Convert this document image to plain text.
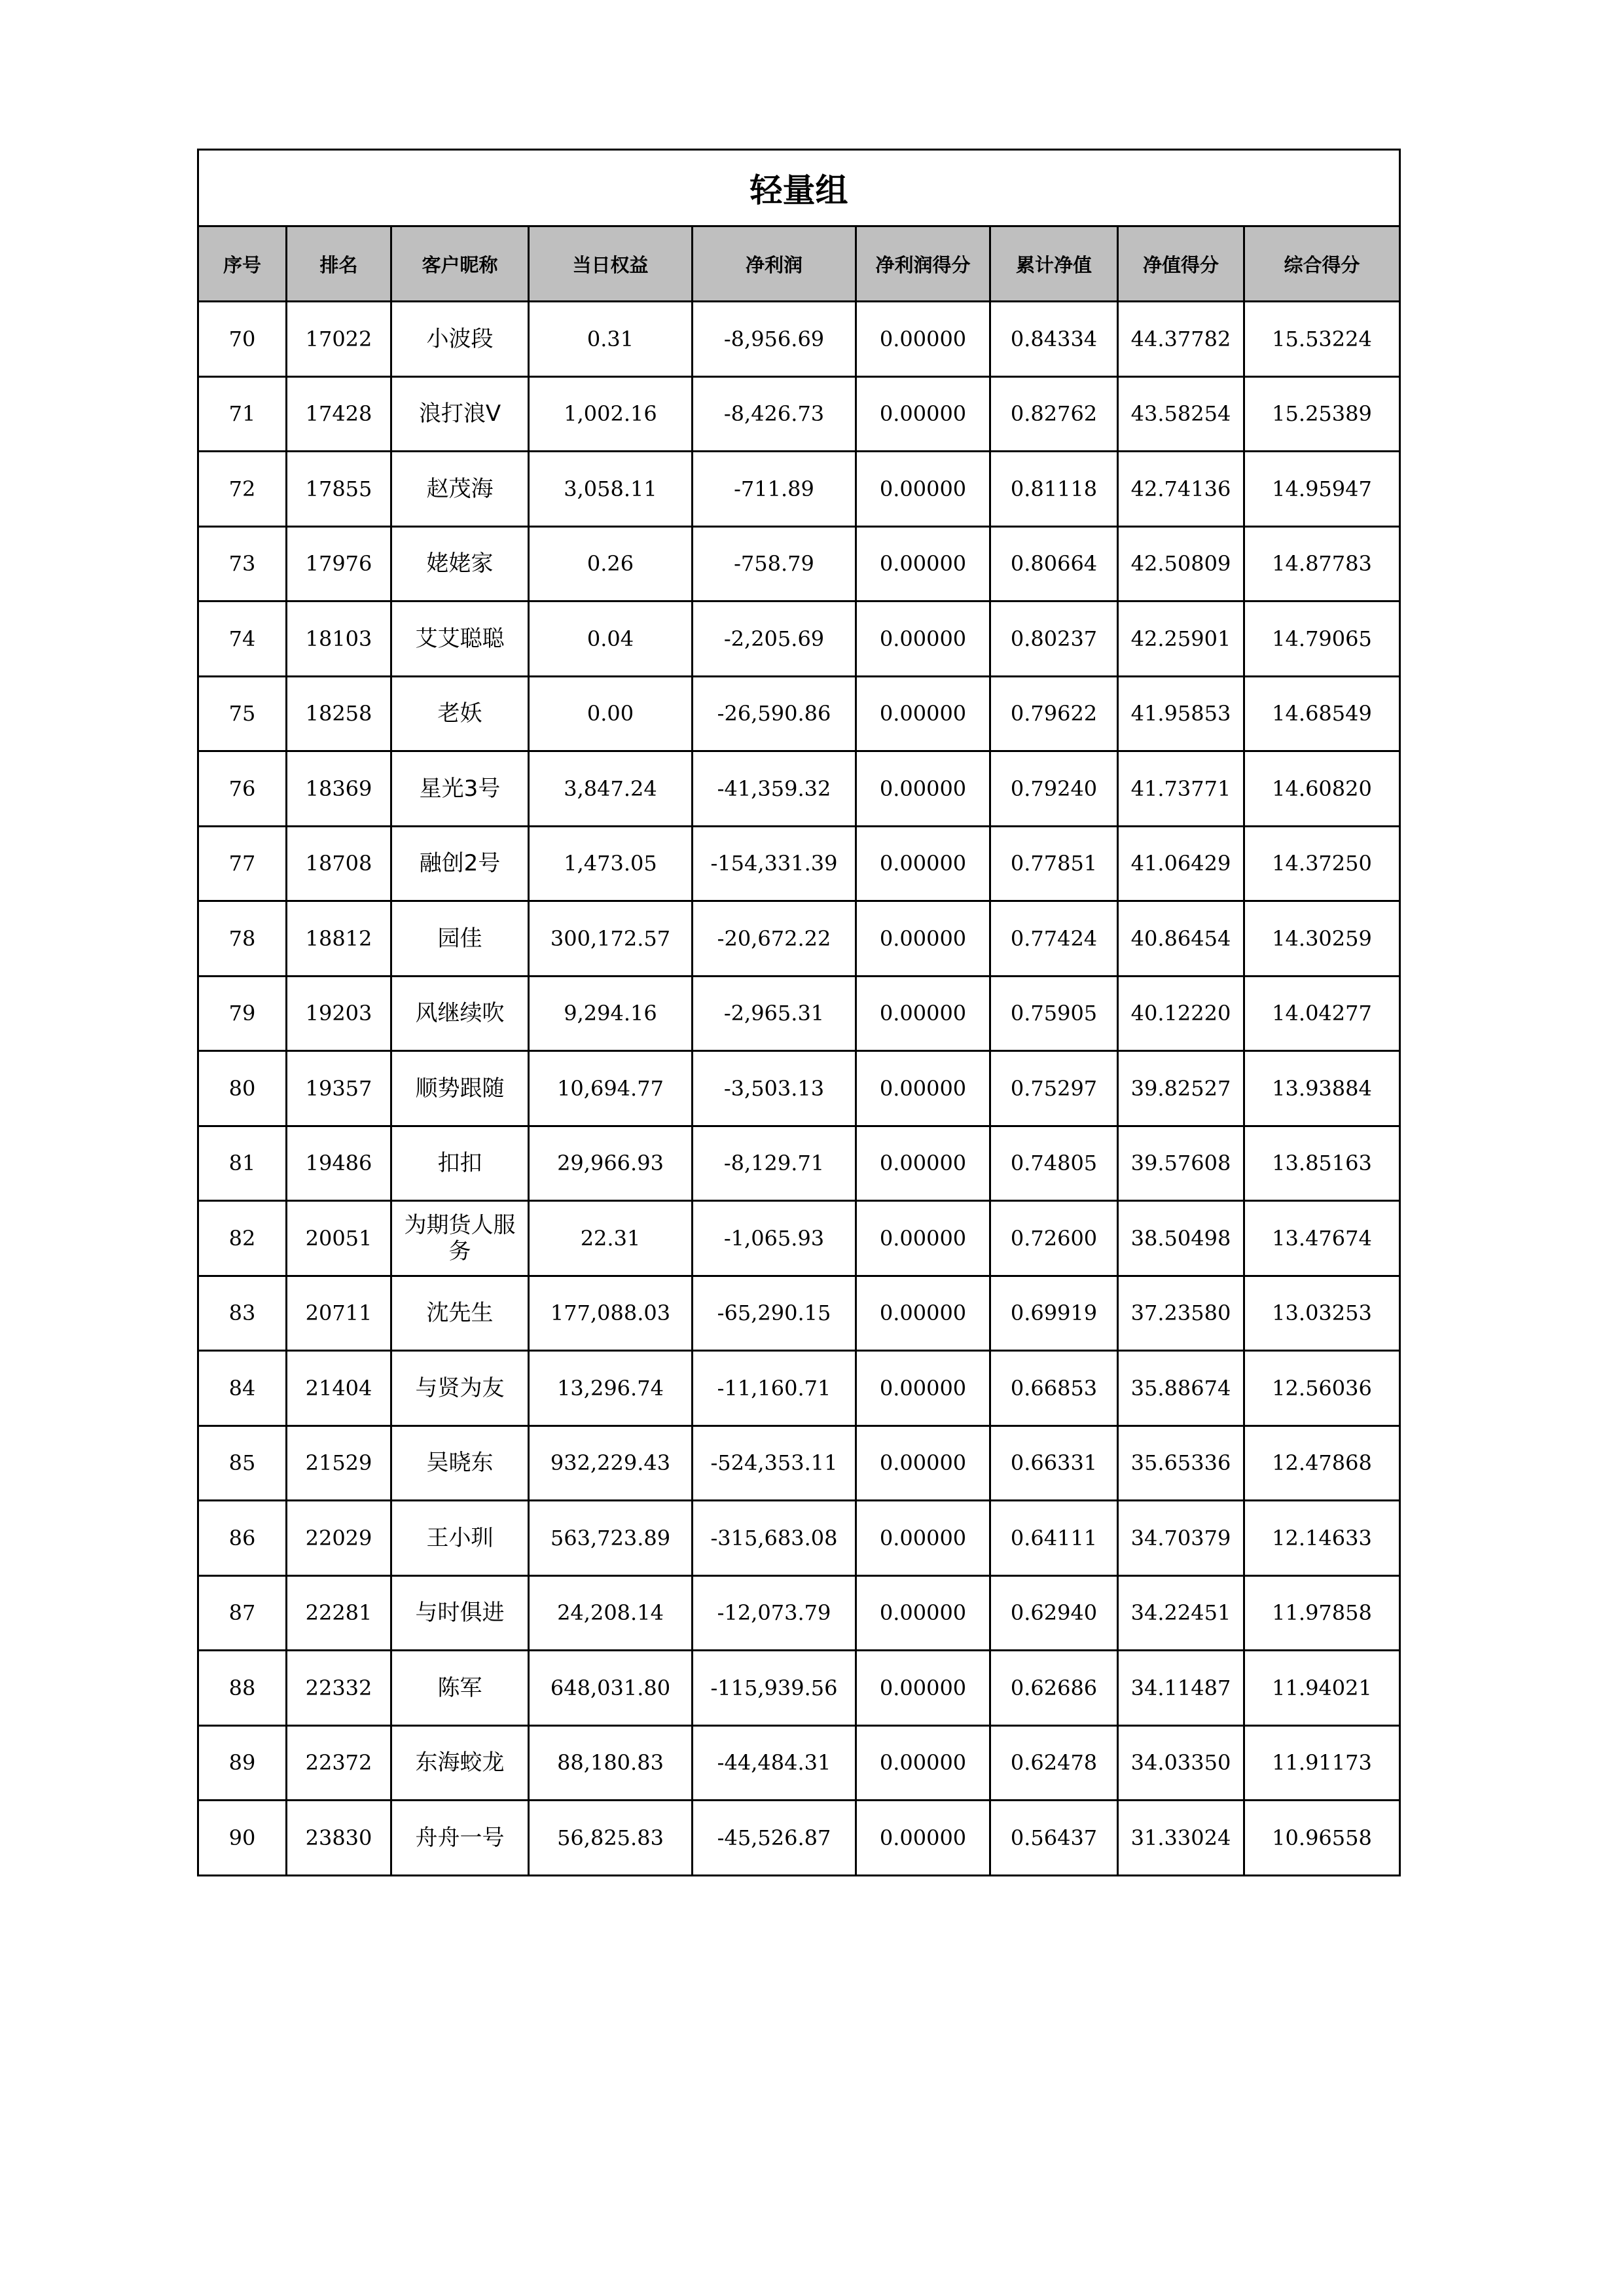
轻量组								
序号	排名	客户昵称	当日权益	净利润	净利润得分	累计净值	净值得分	综合得分
70	17022	小波段	0.31	-8,956.69	0.00000	0.84334	44.37782	15.53224
71	17428	浪打浪V	1,002.16	-8,426.73	0.00000	0.82762	43.58254	15.25389
72	17855	赵茂海	3,058.11	-711.89	0.00000	0.81118	42.74136	14.95947
73	17976	姥姥家	0.26	-758.79	0.00000	0.80664	42.50809	14.87783
74	18103	艾艾聪聪	0.04	-2,205.69	0.00000	0.80237	42.25901	14.79065
75	18258	老妖	0.00	-26,590.86	0.00000	0.79622	41.95853	14.68549
76	18369	星光3号	3,847.24	-41,359.32	0.00000	0.79240	41.73771	14.60820
77	18708	融创2号	1,473.05	-154,331.39	0.00000	0.77851	41.06429	14.37250
78	18812	园佳	300,172.57	-20,672.22	0.00000	0.77424	40.86454	14.30259
79	19203	风继续吹	9,294.16	-2,965.31	0.00000	0.75905	40.12220	14.04277
80	19357	顺势跟随	10,694.77	-3,503.13	0.00000	0.75297	39.82527	13.93884
81	19486	扣扣	29,966.93	-8,129.71	0.00000	0.74805	39.57608	13.85163
82	20051	为期货人服务	22.31	-1,065.93	0.00000	0.72600	38.50498	13.47674
83	20711	沈先生	177,088.03	-65,290.15	0.00000	0.69919	37.23580	13.03253
84	21404	与贤为友	13,296.74	-11,160.71	0.00000	0.66853	35.88674	12.56036
85	21529	吴晓东	932,229.43	-524,353.11	0.00000	0.66331	35.65336	12.47868
86	22029	王小玔	563,723.89	-315,683.08	0.00000	0.64111	34.70379	12.14633
87	22281	与时俱进	24,208.14	-12,073.79	0.00000	0.62940	34.22451	11.97858
88	22332	陈军	648,031.80	-115,939.56	0.00000	0.62686	34.11487	11.94021
89	22372	东海蛟龙	88,180.83	-44,484.31	0.00000	0.62478	34.03350	11.91173
90	23830	舟舟一号	56,825.83	-45,526.87	0.00000	0.56437	31.33024	10.96558
